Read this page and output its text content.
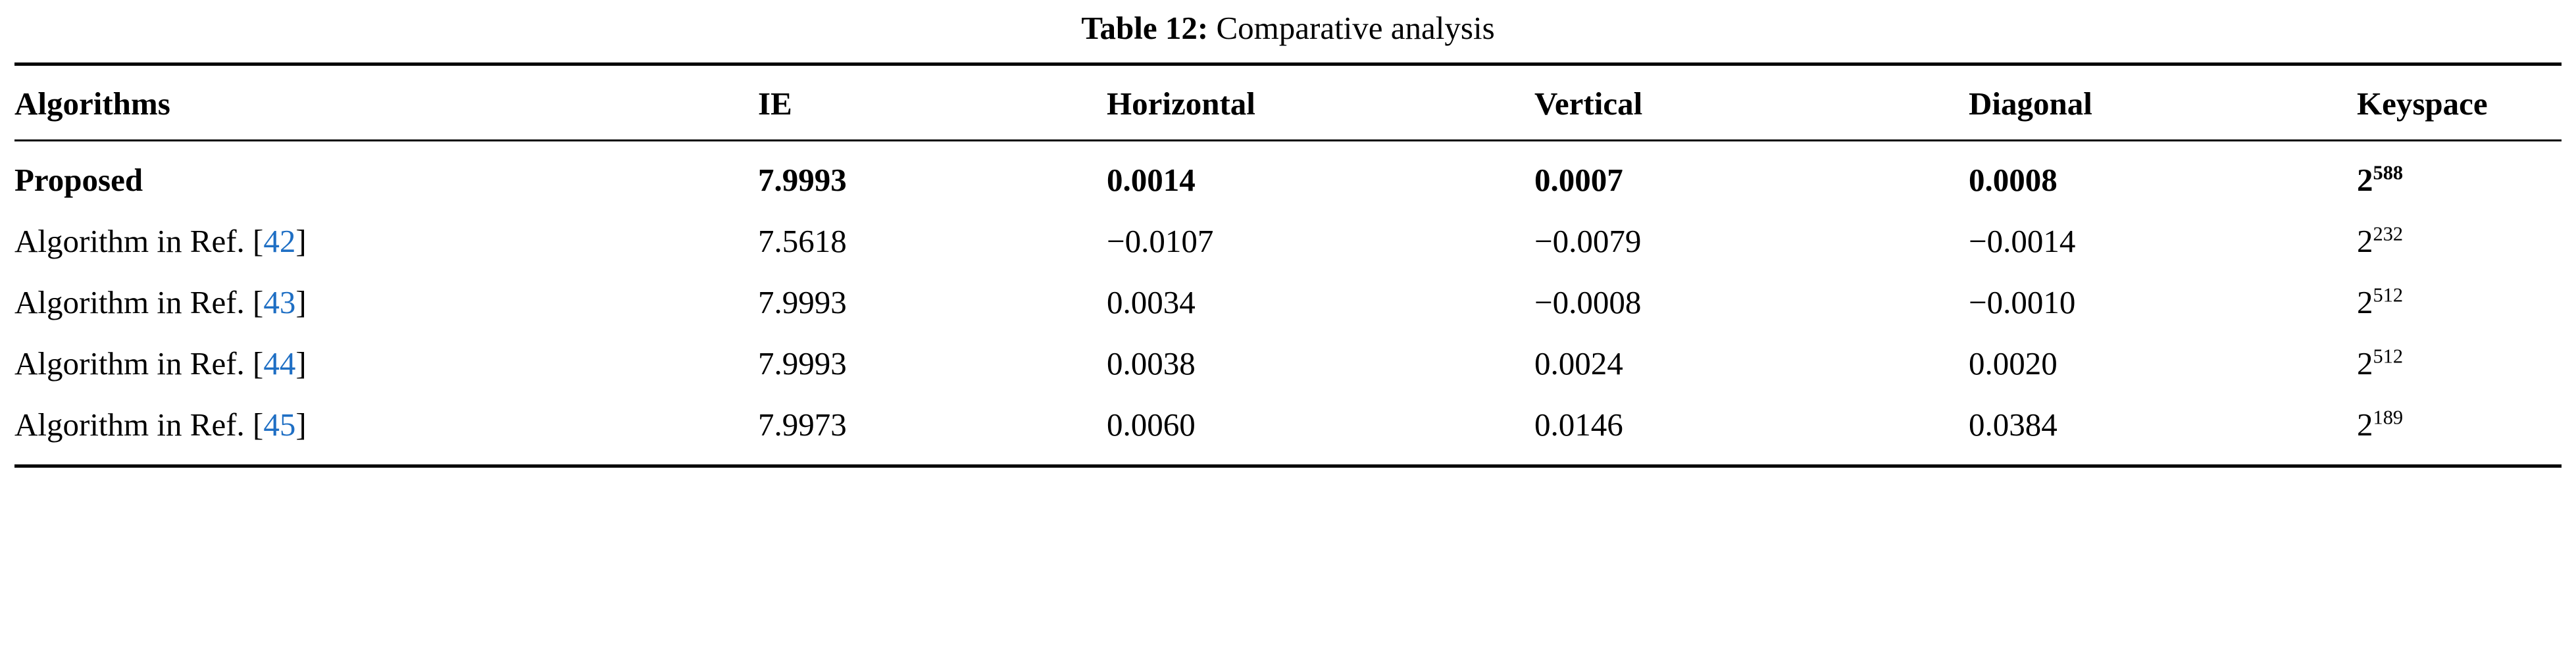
Table 12: Comparative analysis
Algorithms	IE	Horizontal	Vertical	Diagonal	Keyspace
Proposed	7.9993	0.0014	0.0007	0.0008	$2^{588}$
Algorithm in Ref. [42]	7.5618	−0.0107	−0.0079	−0.0014	$2^{232}$
Algorithm in Ref. [43]	7.9993	0.0034	−0.0008	−0.0010	$2^{512}$
Algorithm in Ref. [44]	7.9993	0.0038	0.0024	0.0020	$2^{512}$
Algorithm in Ref. [45]	7.9973	0.0060	0.0146	0.0384	$2^{189}$
